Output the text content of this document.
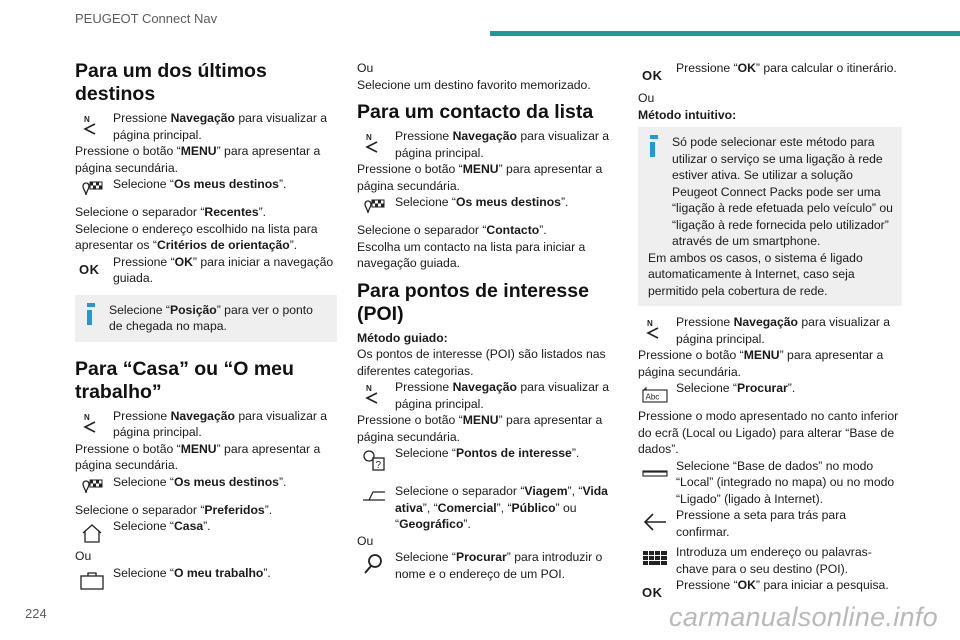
PEUGEOT Connect Nav
Para um dos últimos destinos
N Pressione Navegação para visualizar a página principal.

Pressione o botão “MENU” para apresentar a página secundária.

Selecione “Os meus destinos”.

Selecione o separador “Recentes”.

Selecione o endereço escolhido na lista para apresentar os “Critérios de orientação”.

OK	Pressione “OK” para iniciar a navegação guiada.
Selecione “Posição” para ver o ponto de chegada no mapa.
Para “Casa” ou “O meu trabalho”
N Pressione Navegação para visualizar a página principal.

Pressione o botão “MENU” para apresentar a página secundária.

Selecione “Os meus destinos”.

Selecione o separador “Preferidos”.

Selecione “Casa”.

Ou

Selecione “O meu trabalho”.

Ou

Selecione um destino favorito memorizado.

Para um contacto da lista
N Pressione Navegação para visualizar a página principal.

Pressione o botão “MENU” para apresentar a página secundária.

Selecione “Os meus destinos”.

Selecione o separador “Contacto”.

Escolha um contacto na lista para iniciar a navegação guiada.

Para pontos de interesse (POI)

Método guiado:

Os pontos de interesse (POI) são listados nas diferentes categorias.

N Pressione Navegação para visualizar a página principal.

Pressione o botão “MENU” para apresentar a página secundária.

?
Selecione “Pontos de interesse”.
Selecione o separador “Viagem”, “Vida ativa”, “Comercial”, “Público” ou “Geográfico”.

Ou

Selecione “Procurar” para introduzir o nome e o endereço de um POI.
OK	Pressione “OK” para calcular o itinerário.

Ou

Método intuitivo:

Só pode selecionar este método para utilizar o serviço se uma ligação à rede estiver ativa. Se utilizar a solução Peugeot Connect Packs pode ser uma “ligação à rede efetuada pelo veículo” ou “ligação à rede fornecida pelo utilizador” através de um smartphone.

Em ambos os casos, o sistema é ligado automaticamente à Internet, caso seja permitido pela cobertura de rede.

N Pressione Navegação para visualizar a página principal.

Pressione o botão “MENU” para apresentar a página secundária.

Abc
Selecione “Procurar”.

Pressione o modo apresentado no canto inferior do ecrã (Local ou Ligado) para alterar “Base de dados”.

Selecione “Base de dados” no modo “Local” (integrado no mapa) ou no modo “Ligado” (ligado à Internet).
Pressione a seta para trás para confirmar.
Introduza um endereço ou palavras-chave para o seu destino (POI).
OK	Pressione “OK” para iniciar a pesquisa.
224	carmanualsonline.info
